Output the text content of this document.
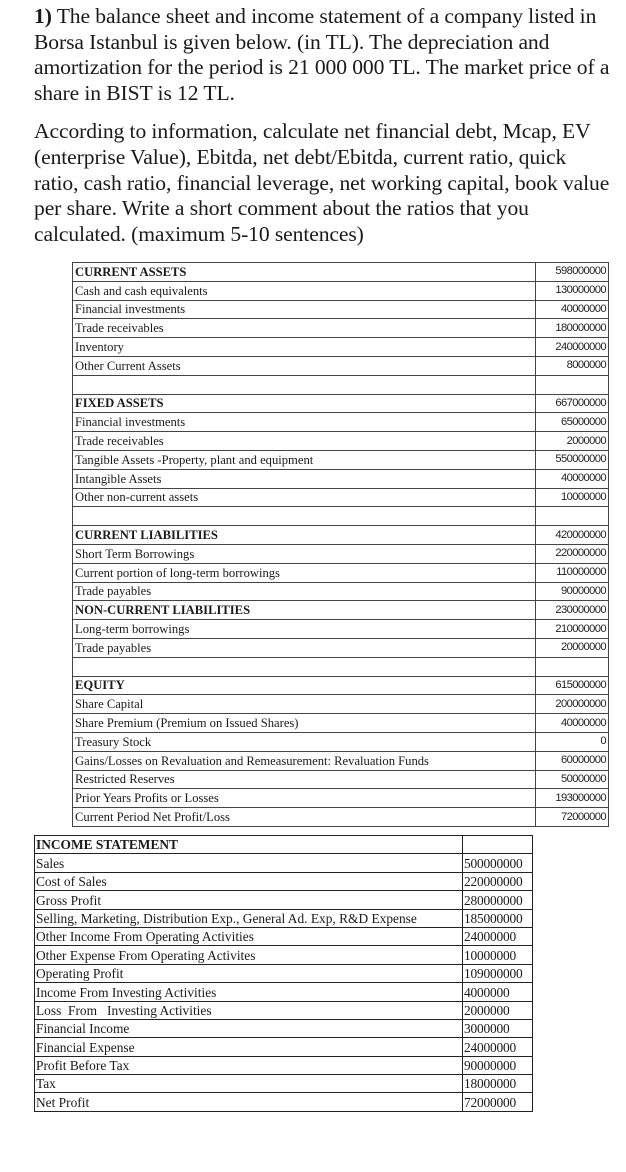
1) The balance sheet and income statement of a company listed in Borsa Istanbul is given below. (in TL). The depreciation and amortization for the period is 21 000 000 TL. The market price of a share in BIST is 12 TL.

According to information, calculate net financial debt, Mcap, EV (enterprise Value), Ebitda, net debt/Ebitda, current ratio, quick ratio, cash ratio, financial leverage, net working capital, book value per share. Write a short comment about the ratios that you calculated. (maximum 5-10 sentences)

CURRENT ASSETS	598000000
Cash and cash equivalents	130000000
Financial investments	40000000
Trade receivables	180000000
Inventory	240000000
Other Current Assets	8000000

FIXED ASSETS	667000000
Financial investments	65000000
Trade receivables	2000000
Tangible Assets -Property, plant and equipment	550000000
Intangible Assets	40000000
Other non-current assets	10000000

CURRENT LIABILITIES	420000000
Short Term Borrowings	220000000
Current portion of long-term borrowings	110000000
Trade payables	90000000
NON-CURRENT LIABILITIES	230000000
Long-term borrowings	210000000
Trade payables	20000000

EQUITY	615000000
Share Capital	200000000
Share Premium (Premium on Issued Shares)	40000000
Treasury Stock	0
Gains/Losses on Revaluation and Remeasurement: Revaluation Funds	60000000
Restricted Reserves	50000000
Prior Years Profits or Losses	193000000
Current Period Net Profit/Loss	72000000
INCOME STATEMENT	
Sales	500000000
Cost of Sales	220000000
Gross Profit	280000000
Selling, Marketing, Distribution Exp., General Ad. Exp, R&D Expense	185000000
Other Income From Operating Activities	24000000
Other Expense From Operating Activites	10000000
Operating Profit	109000000
Income From Investing Activities	4000000
Loss  From   Investing Activities	2000000
Financial Income	3000000
Financial Expense	24000000
Profit Before Tax	90000000
Tax	18000000
Net Profit	72000000
